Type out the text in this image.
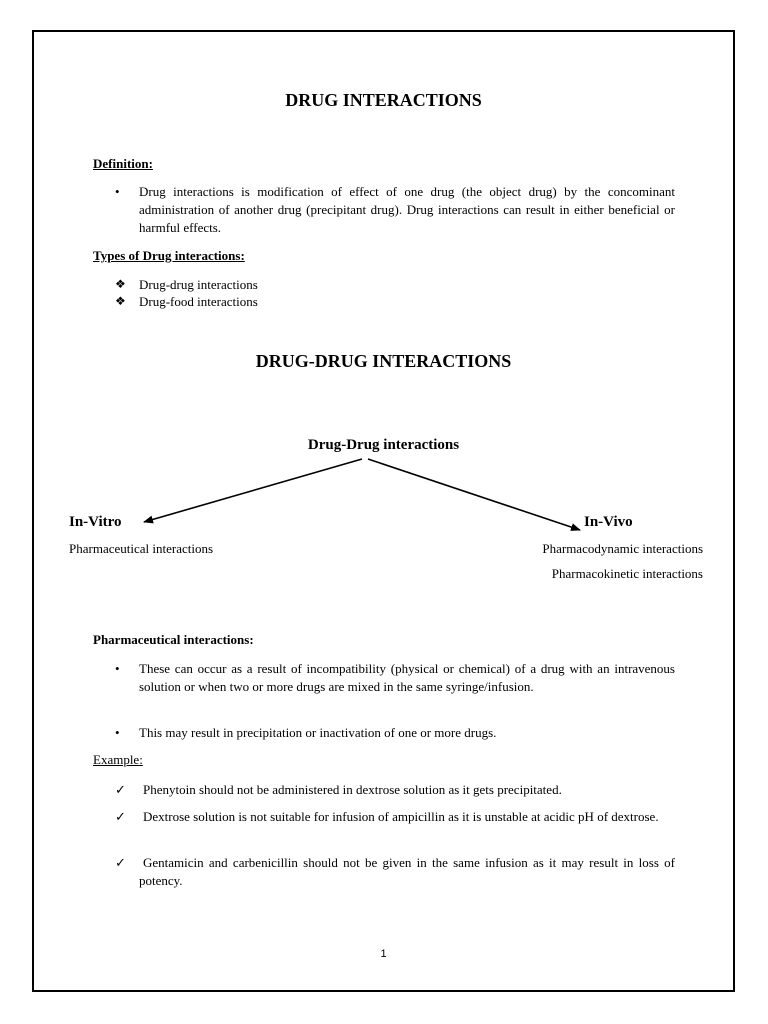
DRUG INTERACTIONS
Definition:
•	Drug interactions is modification of effect of one drug (the object drug) by the concominant administration of another drug (precipitant drug). Drug interactions can result in either beneficial or harmful effects.
Types of Drug interactions:
❖	Drug-drug interactions
❖	Drug-food interactions
DRUG-DRUG INTERACTIONS
Drug-Drug interactions
In-Vitro
Pharmaceutical interactions
In-Vivo
Pharmacodynamic interactions
Pharmacokinetic interactions
Pharmaceutical interactions:
•	These can occur as a result of incompatibility (physical or chemical) of a drug with an intravenous solution or when two or more drugs are mixed in the same syringe/infusion.
•	This may result in precipitation or inactivation of one or more drugs.
Example:
✓	Phenytoin should not be administered in dextrose solution as it gets precipitated.
✓	Dextrose solution is not suitable for infusion of ampicillin as it is unstable at acidic pH of dextrose.
✓	Gentamicin and carbenicillin should not be given in the same infusion as it may result in loss of potency.
1
